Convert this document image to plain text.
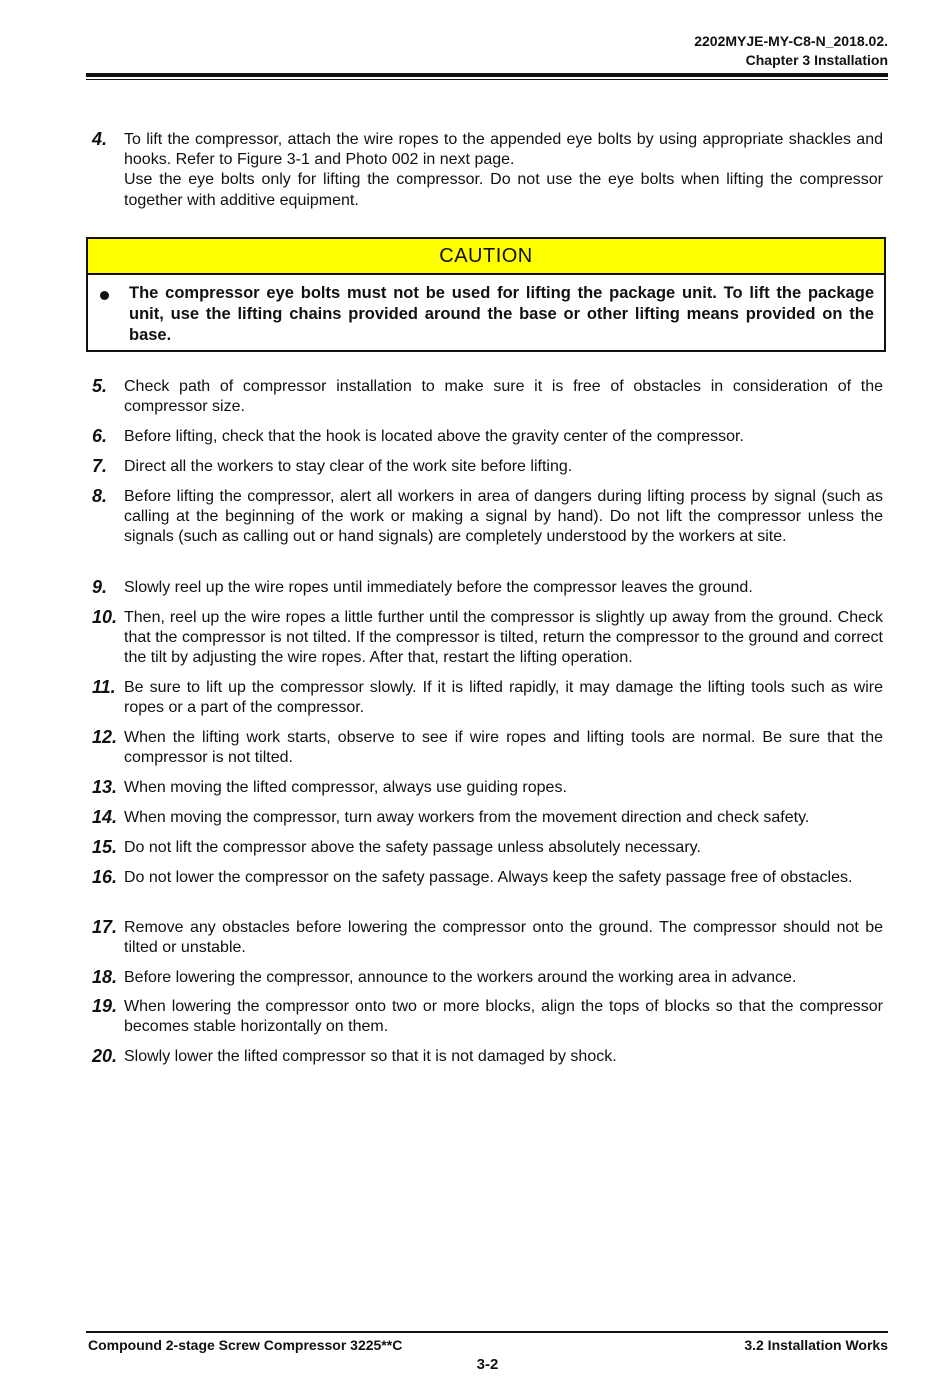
2202MYJE-MY-C8-N_2018.02.
Chapter 3 Installation
4. To lift the compressor, attach the wire ropes to the appended eye bolts by using appropriate shackles and hooks. Refer to Figure 3-1 and Photo 002 in next page.
Use the eye bolts only for lifting the compressor. Do not use the eye bolts when lifting the compressor together with additive equipment.
CAUTION
The compressor eye bolts must not be used for lifting the package unit. To lift the package unit, use the lifting chains provided around the base or other lifting means provided on the base.
5. Check path of compressor installation to make sure it is free of obstacles in consideration of the compressor size.
6. Before lifting, check that the hook is located above the gravity center of the compressor.
7. Direct all the workers to stay clear of the work site before lifting.
8. Before lifting the compressor, alert all workers in area of dangers during lifting process by signal (such as calling at the beginning of the work or making a signal by hand). Do not lift the compressor unless the signals (such as calling out or hand signals) are completely understood by the workers at site.
9. Slowly reel up the wire ropes until immediately before the compressor leaves the ground.
10. Then, reel up the wire ropes a little further until the compressor is slightly up away from the ground. Check that the compressor is not tilted. If the compressor is tilted, return the compressor to the ground and correct the tilt by adjusting the wire ropes. After that, restart the lifting operation.
11. Be sure to lift up the compressor slowly. If it is lifted rapidly, it may damage the lifting tools such as wire ropes or a part of the compressor.
12. When the lifting work starts, observe to see if wire ropes and lifting tools are normal. Be sure that the compressor is not tilted.
13. When moving the lifted compressor, always use guiding ropes.
14. When moving the compressor, turn away workers from the movement direction and check safety.
15. Do not lift the compressor above the safety passage unless absolutely necessary.
16. Do not lower the compressor on the safety passage. Always keep the safety passage free of obstacles.
17. Remove any obstacles before lowering the compressor onto the ground. The compressor should not be tilted or unstable.
18. Before lowering the compressor, announce to the workers around the working area in advance.
19. When lowering the compressor onto two or more blocks, align the tops of blocks so that the compressor becomes stable horizontally on them.
20. Slowly lower the lifted compressor so that it is not damaged by shock.
Compound 2-stage Screw Compressor 3225**C	3.2 Installation Works
3-2
